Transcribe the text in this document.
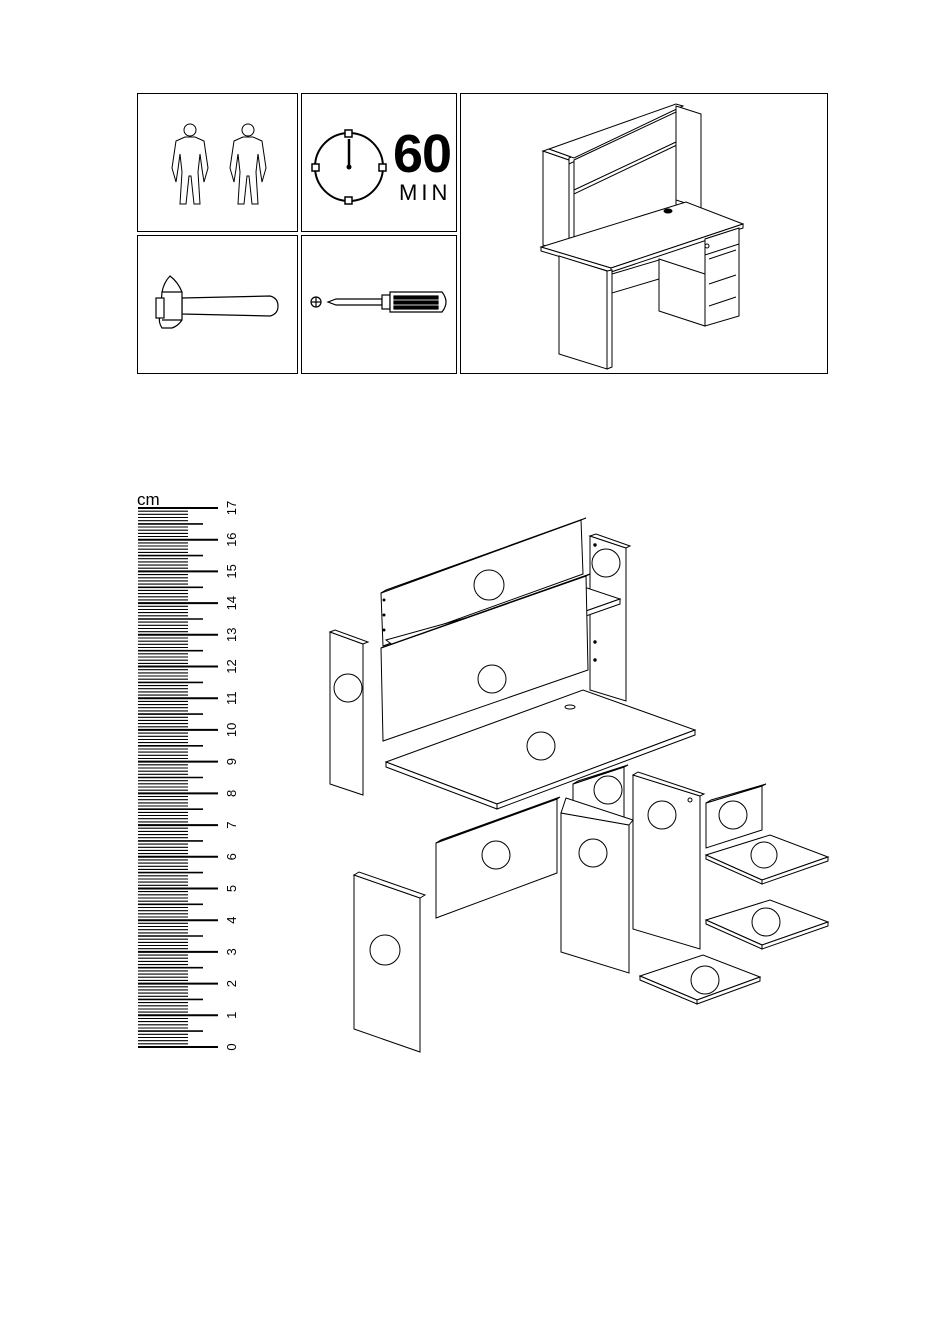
60
MIN
cm
0
1
2
3
4
5
6
7
8
9
10
11
12
13
14
15
16
17
